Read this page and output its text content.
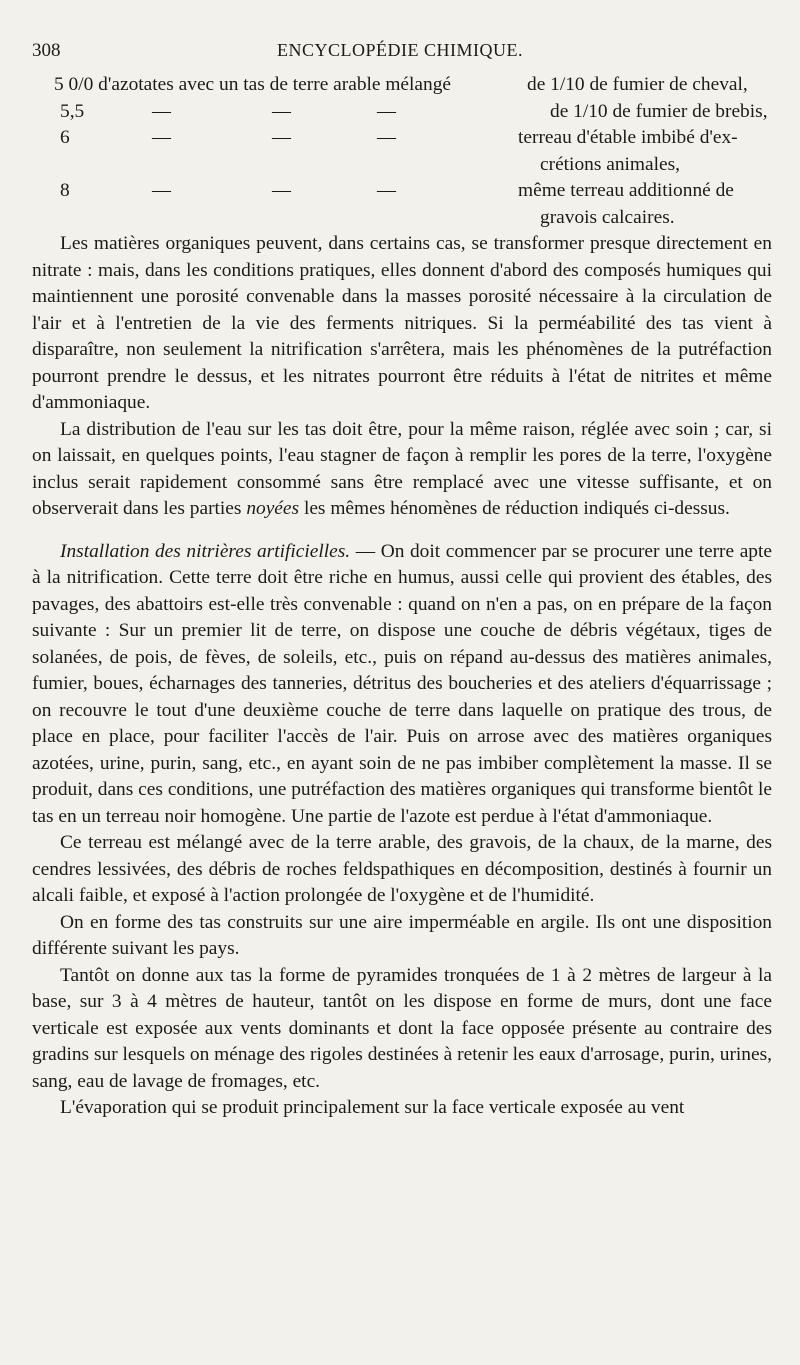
308	ENCYCLOPÉDIE CHIMIQUE.
5 0/0 d'azotates avec un tas de terre arable mélangé	de 1/10 de fumier de cheval,
5,5	—	—	—	de 1/10 de fumier de brebis,
6	—	—	—	terreau d'étable imbibé d'ex-
crétions animales,
8	—	—	—	même terreau additionné de
gravois calcaires.

Les matières organiques peuvent, dans certains cas, se transformer presque directement en nitrate : mais, dans les conditions pratiques, elles donnent d'abord des composés humiques qui maintiennent une porosité convenable dans la masses porosité nécessaire à la circulation de l'air et à l'entretien de la vie des ferments nitriques. Si la perméabilité des tas vient à disparaître, non seulement la nitrification s'arrêtera, mais les phénomènes de la putréfaction pourront prendre le dessus, et les nitrates pourront être réduits à l'état de nitrites et même d'ammoniaque.

La distribution de l'eau sur les tas doit être, pour la même raison, réglée avec soin ; car, si on laissait, en quelques points, l'eau stagner de façon à remplir les pores de la terre, l'oxygène inclus serait rapidement consommé sans être remplacé avec une vitesse suffisante, et on observerait dans les parties noyées les mêmes hénomènes de réduction indiqués ci-dessus.

Installation des nitrières artificielles. — On doit commencer par se procurer une terre apte à la nitrification. Cette terre doit être riche en humus, aussi celle qui provient des étables, des pavages, des abattoirs est-elle très convenable : quand on n'en a pas, on en prépare de la façon suivante : Sur un premier lit de terre, on dispose une couche de débris végétaux, tiges de solanées, de pois, de fèves, de soleils, etc., puis on répand au-dessus des matières animales, fumier, boues, écharnages des tanneries, détritus des boucheries et des ateliers d'équarrissage ; on recouvre le tout d'une deuxième couche de terre dans laquelle on pratique des trous, de place en place, pour faciliter l'accès de l'air. Puis on arrose avec des matières organiques azotées, urine, purin, sang, etc., en ayant soin de ne pas imbiber complètement la masse. Il se produit, dans ces conditions, une putréfaction des matières organiques qui transforme bientôt le tas en un terreau noir homogène. Une partie de l'azote est perdue à l'état d'ammoniaque.

Ce terreau est mélangé avec de la terre arable, des gravois, de la chaux, de la marne, des cendres lessivées, des débris de roches feldspathiques en décomposition, destinés à fournir un alcali faible, et exposé à l'action prolongée de l'oxygène et de l'humidité.

On en forme des tas construits sur une aire imperméable en argile. Ils ont une disposition différente suivant les pays.

Tantôt on donne aux tas la forme de pyramides tronquées de 1 à 2 mètres de largeur à la base, sur 3 à 4 mètres de hauteur, tantôt on les dispose en forme de murs, dont une face verticale est exposée aux vents dominants et dont la face opposée présente au contraire des gradins sur lesquels on ménage des rigoles destinées à retenir les eaux d'arrosage, purin, urines, sang, eau de lavage de fromages, etc.

L'évaporation qui se produit principalement sur la face verticale exposée au vent
